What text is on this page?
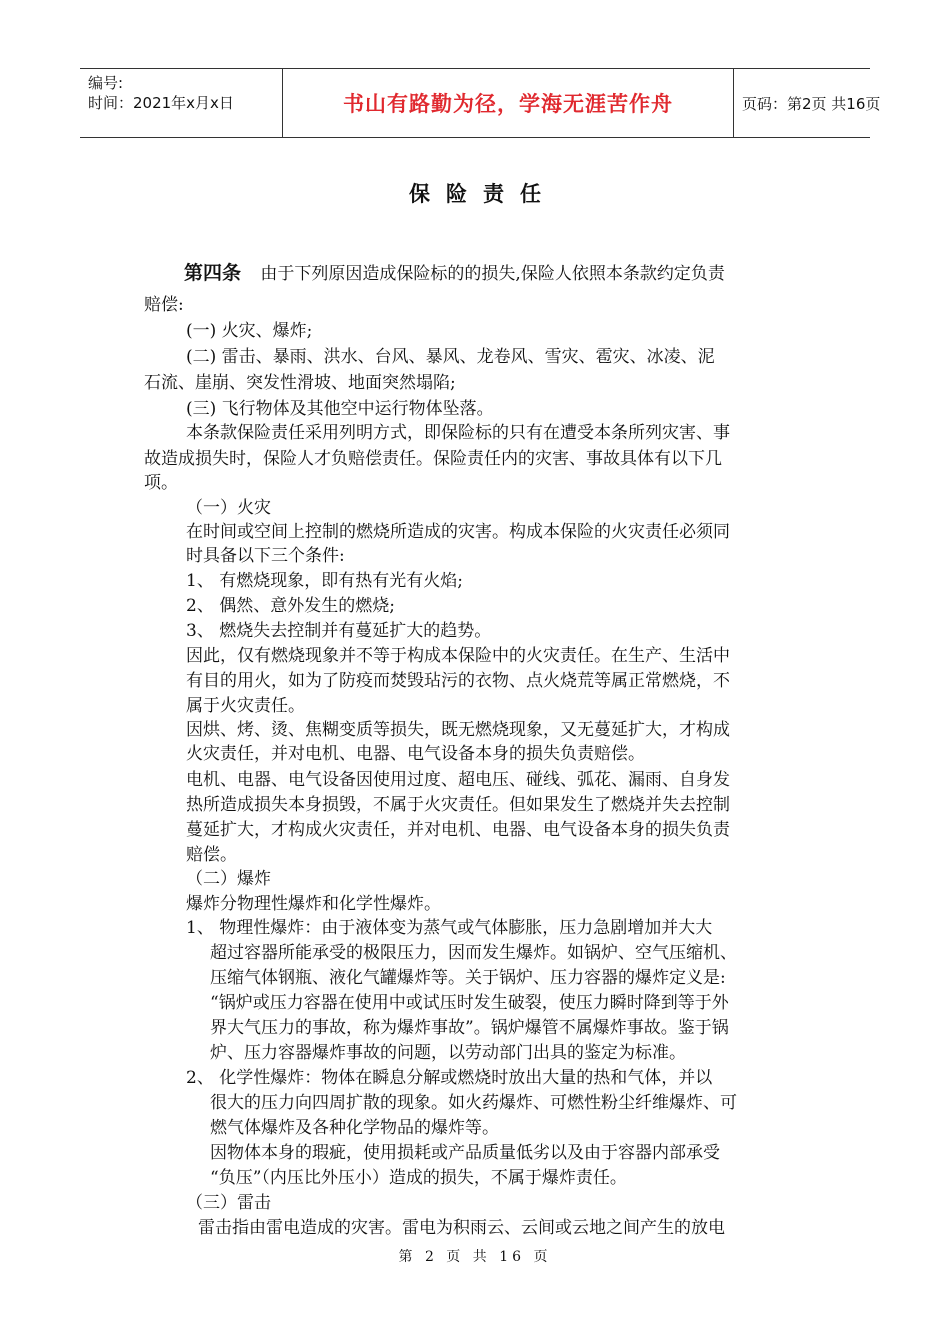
编号:
时间：2021年x月x日	书山有路勤为径，学海无涯苦作舟	页码：第2页 共16页
保险责任
第四条 由于下列原因造成保险标的的损失,保险人依照本条款约定负责
赔偿:
(一) 火灾、爆炸;
(二) 雷击、暴雨、洪水、台风、暴风、龙卷风、雪灾、雹灾、冰凌、泥
石流、崖崩、突发性滑坡、地面突然塌陷;
(三) 飞行物体及其他空中运行物体坠落。
本条款保险责任采用列明方式，即保险标的只有在遭受本条所列灾害、事
故造成损失时，保险人才负赔偿责任。保险责任内的灾害、事故具体有以下几
项。
（一）火灾
在时间或空间上控制的燃烧所造成的灾害。构成本保险的火灾责任必须同
时具备以下三个条件:
1、 有燃烧现象，即有热有光有火焰;
2、 偶然、意外发生的燃烧;
3、 燃烧失去控制并有蔓延扩大的趋势。
因此，仅有燃烧现象并不等于构成本保险中的火灾责任。在生产、生活中
有目的用火，如为了防疫而焚毁玷污的衣物、点火烧荒等属正常燃烧，不
属于火灾责任。
因烘、烤、烫、焦糊变质等损失，既无燃烧现象，又无蔓延扩大，才构成
火灾责任，并对电机、电器、电气设备本身的损失负责赔偿。
电机、电器、电气设备因使用过度、超电压、碰线、弧花、漏雨、自身发
热所造成损失本身损毁，不属于火灾责任。但如果发生了燃烧并失去控制
蔓延扩大，才构成火灾责任，并对电机、电器、电气设备本身的损失负责
赔偿。
（二）爆炸
爆炸分物理性爆炸和化学性爆炸。
1、 物理性爆炸：由于液体变为蒸气或气体膨胀，压力急剧增加并大大
超过容器所能承受的极限压力，因而发生爆炸。如锅炉、空气压缩机、
压缩气体钢瓶、液化气罐爆炸等。关于锅炉、压力容器的爆炸定义是:
“锅炉或压力容器在使用中或试压时发生破裂，使压力瞬时降到等于外
界大气压力的事故，称为爆炸事故”。锅炉爆管不属爆炸事故。鉴于锅
炉、压力容器爆炸事故的问题，以劳动部门出具的鉴定为标准。
2、 化学性爆炸：物体在瞬息分解或燃烧时放出大量的热和气体，并以
很大的压力向四周扩散的现象。如火药爆炸、可燃性粉尘纤维爆炸、可
燃气体爆炸及各种化学物品的爆炸等。
因物体本身的瑕疵，使用损耗或产品质量低劣以及由于容器内部承受
“负压”（内压比外压小）造成的损失，不属于爆炸责任。
（三）雷击
雷击指由雷电造成的灾害。雷电为积雨云、云间或云地之间产生的放电
第 2 页 共 16 页
